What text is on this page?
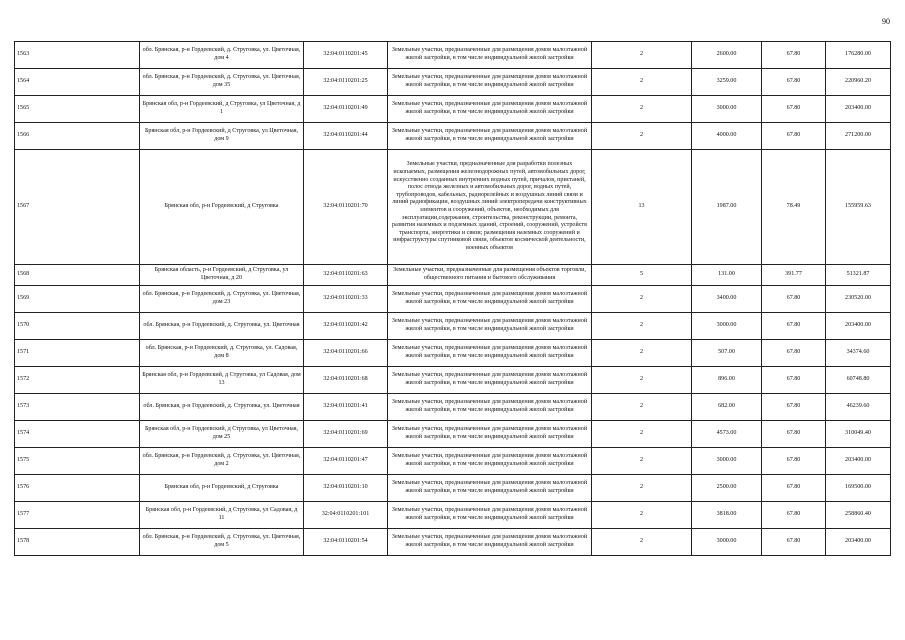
90
1563	обл. Брянская, р-н Гордеевский, д. Струговка, ул. Цветочная, дом 4	32:04:0110201:45	Земельные участки, предназначенные для размещения домов малоэтажной жилой застройки, в том числе индивидуальной жилой застройки	2	2600.00	67.80	176280.00
1564	обл. Брянская, р-н Гордеевский, д. Струговка, ул. Цветочная, дом 35	32:04:0110201:25	Земельные участки, предназначенные для размещения домов малоэтажной жилой застройки, в том числе индивидуальной жилой застройки	2	3259.00	67.80	220960.20
1565	Брянская обл, р-н Гордеевский, д Струговка, ул Цветочная, д 1	32:04:0110201:49	Земельные участки, предназначенные для размещения домов малоэтажной жилой застройки, в том числе индивидуальной жилой застройки	2	3000.00	67.80	203400.00
1566	Брянская обл, р-н Гордеевский, д Струговка, ул Цветочная, дом 9	32:04:0110201:44	Земельные участки, предназначенные для размещения домов малоэтажной жилой застройки, в том числе индивидуальной жилой застройки	2	4000.00	67.80	271200.00
1567	Брянская обл, р-н Гордеевский, д Струговка	32:04:0110201:70	Земельные участки, предназначенные для разработки полезных ископаемых, размещения железнодорожных путей, автомобильных дорог, искусственно созданных внутренних водных путей, причалов, пристаней, полос отвода железных и автомобильных дорог, водных путей, трубопроводов, кабельных, радиорелейных и воздушных линий связи и линий радиофикации, воздушных линий электропередачи конструктивных элементов и сооружений, объектов, необходимых для эксплуатации,содержания, строительства, реконструкции, ремонта, развития наземных и подземных зданий, строений, сооружений, устройств транспорта, энергетики и связи; размещения наземных сооружений и инфраструктуры спутниковой связи, объектов космической деятельности, военных объектов	13	1987.00	78.49	155959.63
1568	Брянская область, р-н Гордеевский, д Струговка, ул Цветочная, д 20	32:04:0110201:63	Земельные участки, предназначенные для размещения объектов торговли, общественного питания и бытового обслуживания	5	131.00	391.77	51321.87
1569	обл. Брянская, р-н Гордеевский, д. Струговка, ул. Цветочная, дом 23	32:04:0110201:33	Земельные участки, предназначенные для размещения домов малоэтажной жилой застройки, в том числе индивидуальной жилой застройки	2	3400.00	67.80	230520.00
1570	обл. Брянская, р-н Гордеевский, д. Струговка, ул. Цветочная	32:04:0110201:42	Земельные участки, предназначенные для размещения домов малоэтажной жилой застройки, в том числе индивидуальной жилой застройки	2	3000.00	67.80	203400.00
1571	обл. Брянская, р-н Гордеевский, д. Струговка, ул. Садовая, дом 8	32:04:0110201:66	Земельные участки, предназначенные для размещения домов малоэтажной жилой застройки, в том числе индивидуальной жилой застройки	2	507.00	67.80	34374.60
1572	Брянская обл, р-н Гордеевский, д Струговка, ул Садовая, дом 13	32:04:0110201:68	Земельные участки, предназначенные для размещения домов малоэтажной жилой застройки, в том числе индивидуальной жилой застройки	2	896.00	67.80	60748.80
1573	обл. Брянская, р-н Гордеевский, д. Струговка, ул. Цветочная	32:04:0110201:41	Земельные участки, предназначенные для размещения домов малоэтажной жилой застройки, в том числе индивидуальной жилой застройки	2	682.00	67.80	46239.60
1574	Брянская обл, р-н Гордеевский, д Струговка, ул Цветочная, дом 25	32:04:0110201:69	Земельные участки, предназначенные для размещения домов малоэтажной жилой застройки, в том числе индивидуальной жилой застройки	2	4573.00	67.80	310049.40
1575	обл. Брянская, р-н Гордеевский, д. Струговка, ул. Цветочная, дом 2	32:04:0110201:47	Земельные участки, предназначенные для размещения домов малоэтажной жилой застройки, в том числе индивидуальной жилой застройки	2	3000.00	67.80	203400.00
1576	Брянская обл, р-н Гордеевский, д Струговка	32:04:0110201:10	Земельные участки, предназначенные для размещения домов малоэтажной жилой застройки, в том числе индивидуальной жилой застройки	2	2500.00	67.80	169500.00
1577	Брянская обл, р-н Гордеевский, д Струговка, ул Садовая, д 11	32:04:0110201:101	Земельные участки, предназначенные для размещения домов малоэтажной жилой застройки, в том числе индивидуальной жилой застройки	2	3818.00	67.80	258860.40
1578	обл. Брянская, р-н Гордеевский, д. Струговка, ул. Цветочная, дом 5	32:04:0110201:54	Земельные участки, предназначенные для размещения домов малоэтажной жилой застройки, в том числе индивидуальной жилой застройки	2	3000.00	67.80	203400.00
